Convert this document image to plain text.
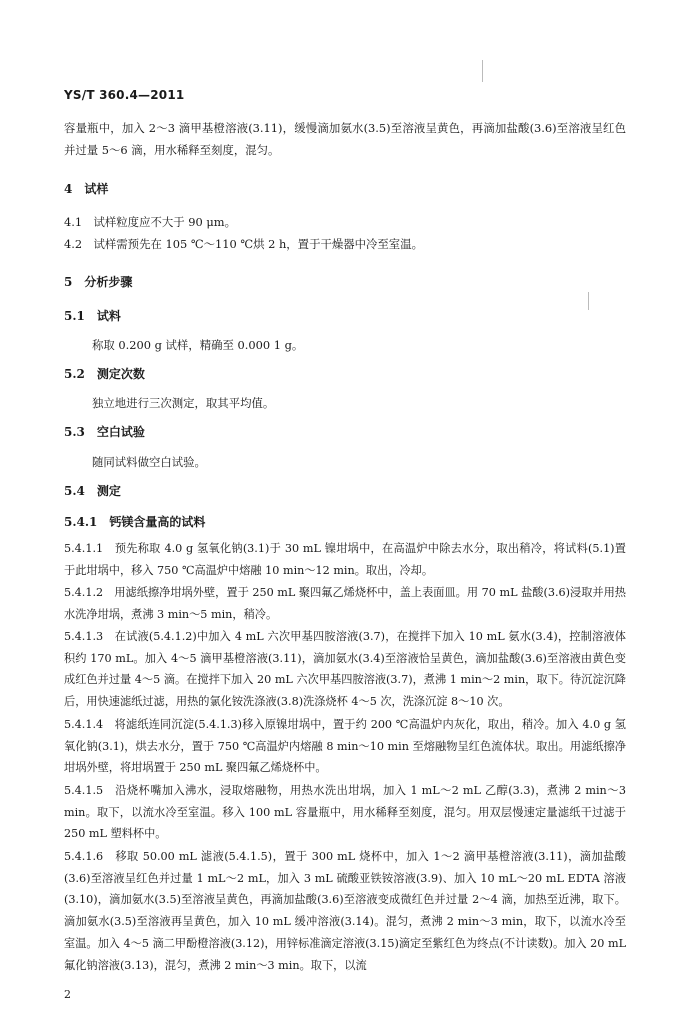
YS/T 360.4—2011
容量瓶中，加入 2～3 滴甲基橙溶液(3.11)，缓慢滴加氨水(3.5)至溶液呈黄色，再滴加盐酸(3.6)至溶液呈红色并过量 5～6 滴，用水稀释至刻度，混匀。
4　试样
4.1　试样粒度应不大于 90 μm。
4.2　试样需预先在 105 ℃～110 ℃烘 2 h，置于干燥器中冷至室温。
5　分析步骤
5.1　试料
称取 0.200 g 试样，精确至 0.000 1 g。
5.2　测定次数
独立地进行三次测定，取其平均值。
5.3　空白试验
随同试料做空白试验。
5.4　测定
5.4.1　钙镁含量高的试料
5.4.1.1　预先称取 4.0 g 氢氧化钠(3.1)于 30 mL 镍坩埚中，在高温炉中除去水分，取出稍冷，将试料(5.1)置于此坩埚中，移入 750 ℃高温炉中熔融 10 min～12 min。取出，冷却。
5.4.1.2　用滤纸擦净坩埚外壁，置于 250 mL 聚四氟乙烯烧杯中，盖上表面皿。用 70 mL 盐酸(3.6)浸取并用热水洗净坩埚，煮沸 3 min～5 min，稍冷。
5.4.1.3　在试液(5.4.1.2)中加入 4 mL 六次甲基四胺溶液(3.7)，在搅拌下加入 10 mL 氨水(3.4)，控制溶液体积约 170 mL。加入 4～5 滴甲基橙溶液(3.11)，滴加氨水(3.4)至溶液恰呈黄色，滴加盐酸(3.6)至溶液由黄色变成红色并过量 4～5 滴。在搅拌下加入 20 mL 六次甲基四胺溶液(3.7)，煮沸 1 min～2 min，取下。待沉淀沉降后，用快速滤纸过滤，用热的氯化铵洗涤液(3.8)洗涤烧杯 4～5 次，洗涤沉淀 8～10 次。
5.4.1.4　将滤纸连同沉淀(5.4.1.3)移入原镍坩埚中，置于约 200 ℃高温炉内灰化，取出，稍冷。加入 4.0 g 氢氧化钠(3.1)，烘去水分，置于 750 ℃高温炉内熔融 8 min～10 min 至熔融物呈红色流体状。取出。用滤纸擦净坩埚外壁，将坩埚置于 250 mL 聚四氟乙烯烧杯中。
5.4.1.5　沿烧杯嘴加入沸水，浸取熔融物，用热水洗出坩埚，加入 1 mL～2 mL 乙醇(3.3)，煮沸 2 min～3 min。取下，以流水冷至室温。移入 100 mL 容量瓶中，用水稀释至刻度，混匀。用双层慢速定量滤纸干过滤于 250 mL 塑料杯中。
5.4.1.6　移取 50.00 mL 滤液(5.4.1.5)，置于 300 mL 烧杯中，加入 1～2 滴甲基橙溶液(3.11)，滴加盐酸(3.6)至溶液呈红色并过量 1 mL～2 mL，加入 3 mL 硫酸亚铁铵溶液(3.9)、加入 10 mL～20 mL EDTA 溶液(3.10)，滴加氨水(3.5)至溶液呈黄色，再滴加盐酸(3.6)至溶液变成微红色并过量 2～4 滴，加热至近沸，取下。滴加氨水(3.5)至溶液再呈黄色，加入 10 mL 缓冲溶液(3.14)。混匀，煮沸 2 min～3 min，取下，以流水冷至室温。加入 4～5 滴二甲酚橙溶液(3.12)，用锌标准滴定溶液(3.15)滴定至紫红色为终点(不计读数)。加入 20 mL 氟化钠溶液(3.13)，混匀，煮沸 2 min～3 min。取下，以流
2
